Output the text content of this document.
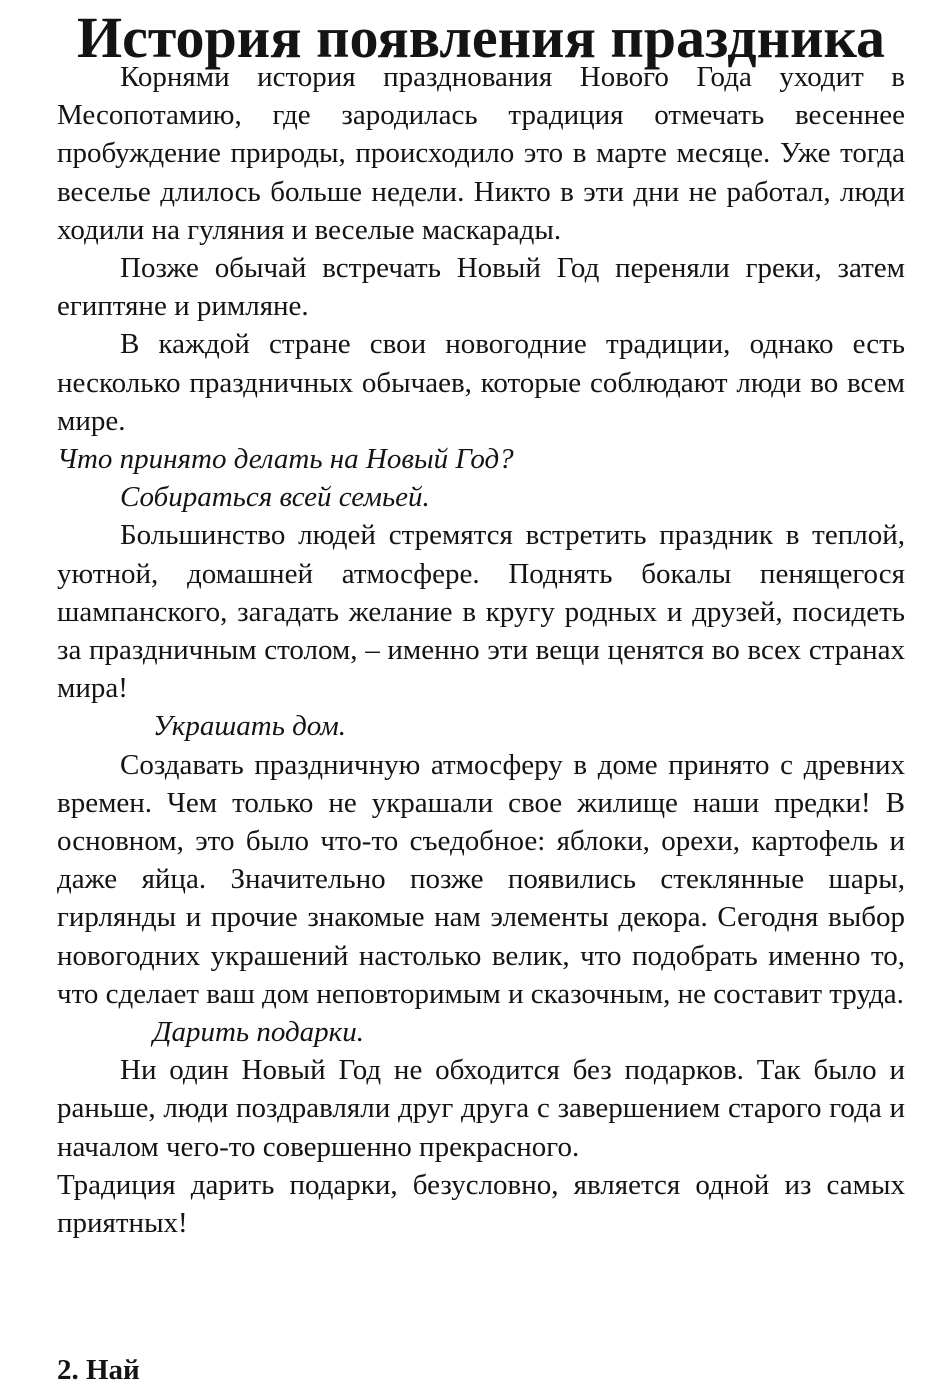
История появления праздника

Корнями история празднования Нового Года уходит в Месопотамию, где зародилась традиция отмечать весеннее пробуждение природы, происходило это в марте месяце. Уже тогда веселье длилось больше недели. Никто в эти дни не работал, люди ходили на гуляния и веселые маскарады.

Позже обычай встречать Новый Год переняли греки, затем египтяне и римляне.

В каждой стране свои новогодние традиции, однако есть несколько праздничных обычаев, которые соблюдают люди во всем мире.

Что принято делать на Новый Год?

Собираться всей семьей.

Большинство людей стремятся встретить праздник в теплой, уютной, домашней атмосфере. Поднять бокалы пенящегося шампанского, загадать желание в кругу родных и друзей, посидеть за праздничным столом, – именно эти вещи ценятся во всех странах мира!

Украшать дом.

Создавать праздничную атмосферу в доме принято с древних времен. Чем только не украшали свое жилище наши предки! В основном, это было что-то съедобное: яблоки, орехи, картофель и даже яйца. Значительно позже появились стеклянные шары, гирлянды и прочие знакомые нам элементы декора. Сегодня выбор новогодних украшений настолько велик, что подобрать именно то, что сделает ваш дом неповторимым и сказочным, не составит труда.

Дарить подарки.

Ни один Новый Год не обходится без подарков. Так было и раньше, люди поздравляли друг друга с завершением старого года и началом чего-то совершенно прекрасного.

Традиция дарить подарки, безусловно, является одной из самых приятных!

2. Най
